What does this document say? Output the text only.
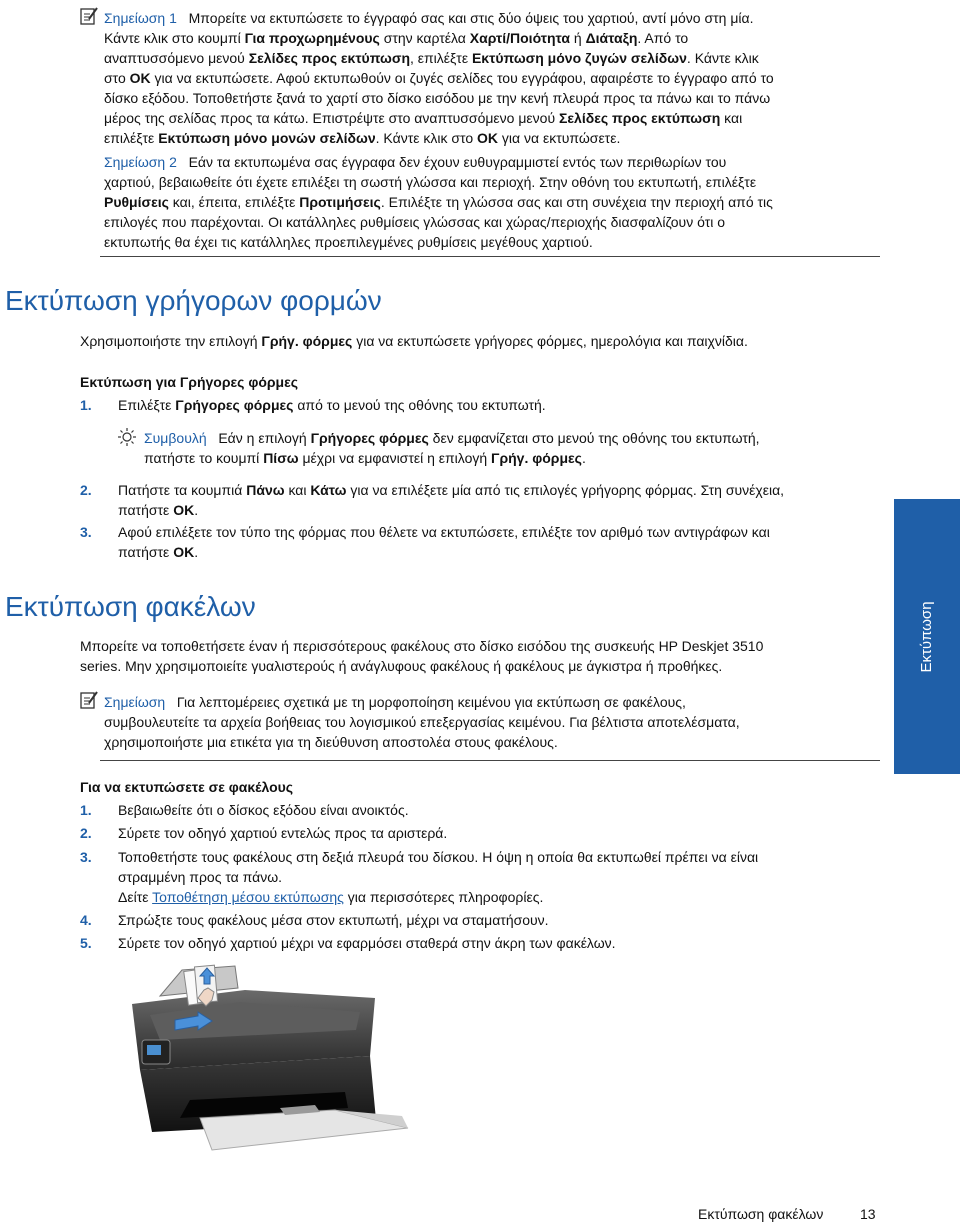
Σημείωση 1 Μπορείτε να εκτυπώσετε το έγγραφό σας και στις δύο όψεις του χαρτιού, αντί μόνο στη μία.
Κάντε κλικ στο κουμπί Για προχωρημένους στην καρτέλα Χαρτί/Ποιότητα ή Διάταξη. Από το
αναπτυσσόμενο μενού Σελίδες προς εκτύπωση, επιλέξτε Εκτύπωση μόνο ζυγών σελίδων. Κάντε κλικ
στο OK για να εκτυπώσετε. Αφού εκτυπωθούν οι ζυγές σελίδες του εγγράφου, αφαιρέστε το έγγραφο από το
δίσκο εξόδου. Τοποθετήστε ξανά το χαρτί στο δίσκο εισόδου με την κενή πλευρά προς τα πάνω και το πάνω
μέρος της σελίδας προς τα κάτω. Επιστρέψτε στο αναπτυσσόμενο μενού Σελίδες προς εκτύπωση και
επιλέξτε Εκτύπωση μόνο μονών σελίδων. Κάντε κλικ στο OK για να εκτυπώσετε.
Σημείωση 2 Εάν τα εκτυπωμένα σας έγγραφα δεν έχουν ευθυγραμμιστεί εντός των περιθωρίων του
χαρτιού, βεβαιωθείτε ότι έχετε επιλέξει τη σωστή γλώσσα και περιοχή. Στην οθόνη του εκτυπωτή, επιλέξτε
Ρυθμίσεις και, έπειτα, επιλέξτε Προτιμήσεις. Επιλέξτε τη γλώσσα σας και στη συνέχεια την περιοχή από τις
επιλογές που παρέχονται. Οι κατάλληλες ρυθμίσεις γλώσσας και χώρας/περιοχής διασφαλίζουν ότι ο
εκτυπωτής θα έχει τις κατάλληλες προεπιλεγμένες ρυθμίσεις μεγέθους χαρτιού.
Εκτύπωση γρήγορων φορμών
Χρησιμοποιήστε την επιλογή Γρήγ. φόρμες για να εκτυπώσετε γρήγορες φόρμες, ημερολόγια και παιχνίδια.
Εκτύπωση για Γρήγορες φόρμες
1.	Επιλέξτε Γρήγορες φόρμες από το μενού της οθόνης του εκτυπωτή.
Συμβουλή Εάν η επιλογή Γρήγορες φόρμες δεν εμφανίζεται στο μενού της οθόνης του εκτυπωτή,
πατήστε το κουμπί Πίσω μέχρι να εμφανιστεί η επιλογή Γρήγ. φόρμες.
2.	Πατήστε τα κουμπιά Πάνω και Κάτω για να επιλέξετε μία από τις επιλογές γρήγορης φόρμας. Στη συνέχεια,
πατήστε OK.
3.	Αφού επιλέξετε τον τύπο της φόρμας που θέλετε να εκτυπώσετε, επιλέξτε τον αριθμό των αντιγράφων και
πατήστε OK.
Εκτύπωση φακέλων
Μπορείτε να τοποθετήσετε έναν ή περισσότερους φακέλους στο δίσκο εισόδου της συσκευής HP Deskjet 3510
series. Μην χρησιμοποιείτε γυαλιστερούς ή ανάγλυφους φακέλους ή φακέλους με άγκιστρα ή προθήκες.
Σημείωση Για λεπτομέρειες σχετικά με τη μορφοποίηση κειμένου για εκτύπωση σε φακέλους,
συμβουλευτείτε τα αρχεία βοήθειας του λογισμικού επεξεργασίας κειμένου. Για βέλτιστα αποτελέσματα,
χρησιμοποιήστε μια ετικέτα για τη διεύθυνση αποστολέα στους φακέλους.
Για να εκτυπώσετε σε φακέλους
1.	Βεβαιωθείτε ότι ο δίσκος εξόδου είναι ανοικτός.
2.	Σύρετε τον οδηγό χαρτιού εντελώς προς τα αριστερά.
3.	Τοποθετήστε τους φακέλους στη δεξιά πλευρά του δίσκου. Η όψη η οποία θα εκτυπωθεί πρέπει να είναι
στραμμένη προς τα πάνω.
Δείτε Τοποθέτηση μέσου εκτύπωσης για περισσότερες πληροφορίες.
4.	Σπρώξτε τους φακέλους μέσα στον εκτυπωτή, μέχρι να σταματήσουν.
5.	Σύρετε τον οδηγό χαρτιού μέχρι να εφαρμόσει σταθερά στην άκρη των φακέλων.
Εκτύπωση
Εκτύπωση φακέλων	13
